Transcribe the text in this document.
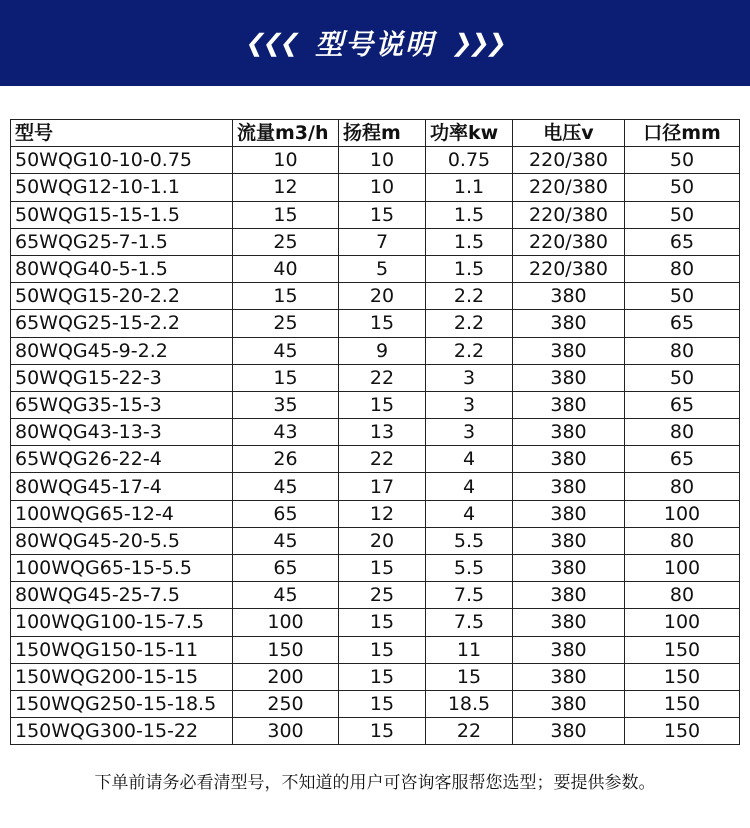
❮❮❮ 型号说明 ❯❯❯
型号	流量m3/h	扬程m	功率kw	电压v	口径mm
50WQG10-10-0.75	10	10	0.75	220/380	50
50WQG12-10-1.1	12	10	1.1	220/380	50
50WQG15-15-1.5	15	15	1.5	220/380	50
65WQG25-7-1.5	25	7	1.5	220/380	65
80WQG40-5-1.5	40	5	1.5	220/380	80
50WQG15-20-2.2	15	20	2.2	380	50
65WQG25-15-2.2	25	15	2.2	380	65
80WQG45-9-2.2	45	9	2.2	380	80
50WQG15-22-3	15	22	3	380	50
65WQG35-15-3	35	15	3	380	65
80WQG43-13-3	43	13	3	380	80
65WQG26-22-4	26	22	4	380	65
80WQG45-17-4	45	17	4	380	80
100WQG65-12-4	65	12	4	380	100
80WQG45-20-5.5	45	20	5.5	380	80
100WQG65-15-5.5	65	15	5.5	380	100
80WQG45-25-7.5	45	25	7.5	380	80
100WQG100-15-7.5	100	15	7.5	380	100
150WQG150-15-11	150	15	11	380	150
150WQG200-15-15	200	15	15	380	150
150WQG250-15-18.5	250	15	18.5	380	150
150WQG300-15-22	300	15	22	380	150
下单前请务必看清型号，不知道的用户可咨询客服帮您选型；要提供参数。
